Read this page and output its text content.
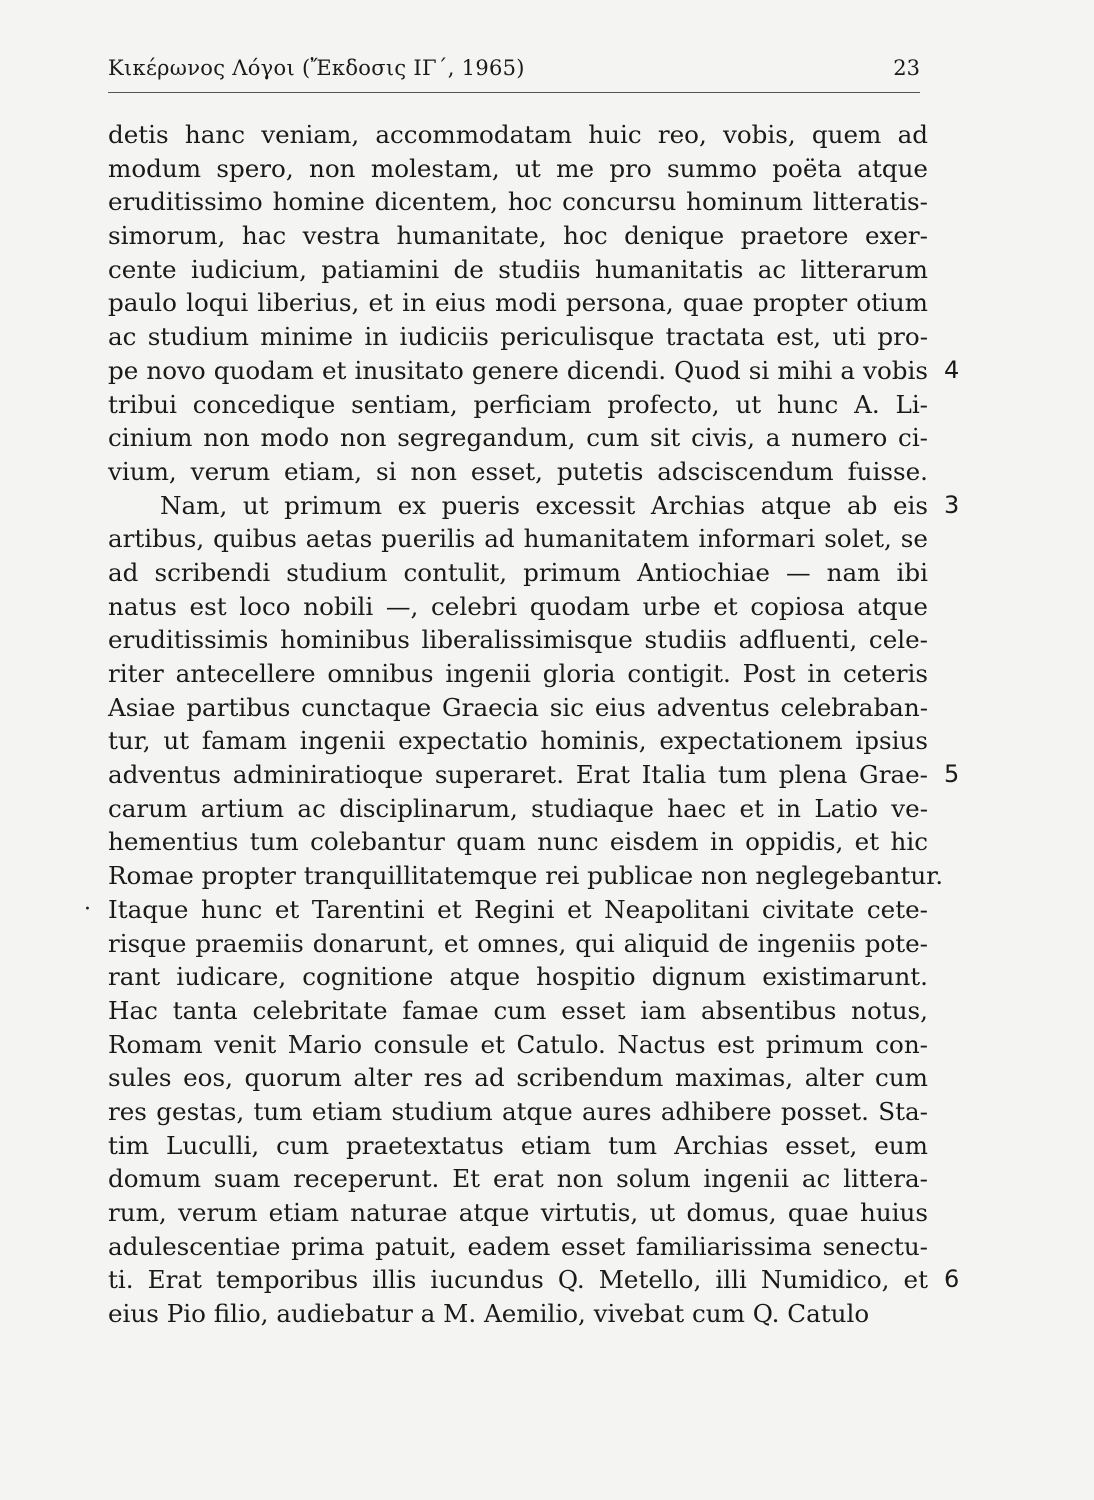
Κικέρωνος Λόγοι (Ἔκδοσις ΙΓ΄, 1965)	23
detis hanc veniam, accommodatam huic reo, vobis, quem ad
modum spero, non molestam, ut me pro summo poëta atque
eruditissimo homine dicentem, hoc concursu hominum litteratis-
simorum, hac vestra humanitate, hoc denique praetore exer-
cente iudicium, patiamini de studiis humanitatis ac litterarum
paulo loqui liberius, et in eius modi persona, quae propter otium
ac studium minime in iudiciis periculisque tractata est, uti pro-
pe novo quodam et inusitato genere dicendi. Quod si mihi a vobis 4
tribui concedique sentiam, perficiam profecto, ut hunc A. Li-
cinium non modo non segregandum, cum sit civis, a numero ci-
vium, verum etiam, si non esset, putetis adsciscendum fuisse.
Nam, ut primum ex pueris excessit Archias atque ab eis 3
artibus, quibus aetas puerilis ad humanitatem informari solet, se
ad scribendi studium contulit, primum Antiochiae — nam ibi
natus est loco nobili —, celebri quodam urbe et copiosa atque
eruditissimis hominibus liberalissimisque studiis adfluenti, cele-
riter antecellere omnibus ingenii gloria contigit. Post in ceteris
Asiae partibus cunctaque Graecia sic eius adventus celebraban-
tur, ut famam ingenii expectatio hominis, expectationem ipsius
adventus adminiratioque superaret. Erat Italia tum plena Grae- 5
carum artium ac disciplinarum, studiaque haec et in Latio ve-
hementius tum colebantur quam nunc eisdem in oppidis, et hic
Romae propter tranquillitatemque rei publicae non neglegebantur.
Itaque hunc et Tarentini et Regini et Neapolitani civitate cete-
·
risque praemiis donarunt, et omnes, qui aliquid de ingeniis pote-
rant iudicare, cognitione atque hospitio dignum existimarunt.
Hac tanta celebritate famae cum esset iam absentibus notus,
Romam venit Mario consule et Catulo. Nactus est primum con-
sules eos, quorum alter res ad scribendum maximas, alter cum
res gestas, tum etiam studium atque aures adhibere posset. Sta-
tim Luculli, cum praetextatus etiam tum Archias esset, eum
domum suam receperunt. Et erat non solum ingenii ac littera-
rum, verum etiam naturae atque virtutis, ut domus, quae huius
adulescentiae prima patuit, eadem esset familiarissima senectu-
ti. Erat temporibus illis iucundus Q. Metello, illi Numidico, et 6
eius Pio filio, audiebatur a M. Aemilio, vivebat cum Q. Catulo
